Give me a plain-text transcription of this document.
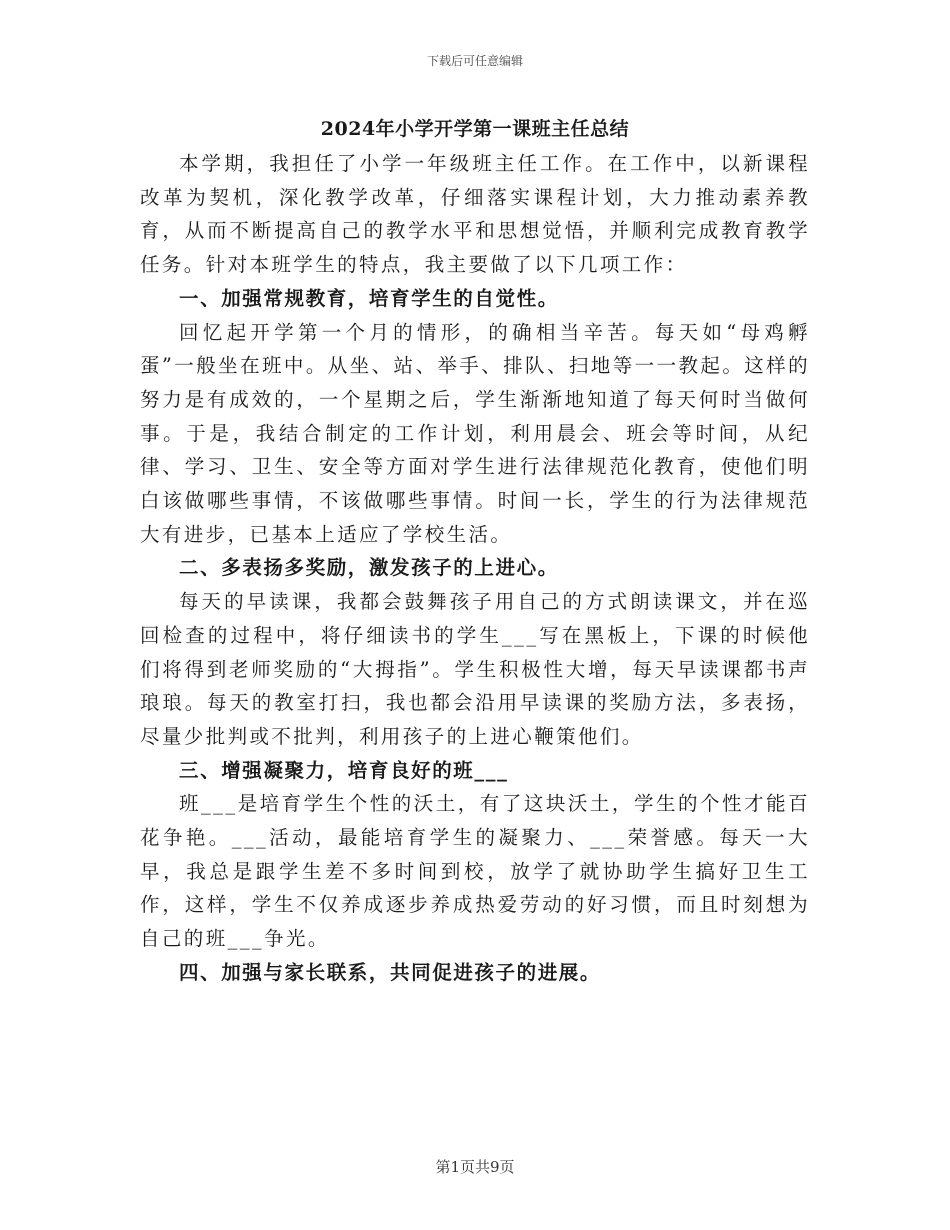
下载后可任意编辑
2024年小学开学第一课班主任总结

本学期，我担任了小学一年级班主任工作。在工作中，以新课程改革为契机，深化教学改革，仔细落实课程计划，大力推动素养教育，从而不断提高自己的教学水平和思想觉悟，并顺利完成教育教学任务。针对本班学生的特点，我主要做了以下几项工作：

一、加强常规教育，培育学生的自觉性。

回忆起开学第一个月的情形，的确相当辛苦。每天如“母鸡孵蛋”一般坐在班中。从坐、站、举手、排队、扫地等一一教起。这样的努力是有成效的，一个星期之后，学生渐渐地知道了每天何时当做何事。于是，我结合制定的工作计划，利用晨会、班会等时间，从纪律、学习、卫生、安全等方面对学生进行法律规范化教育，使他们明白该做哪些事情，不该做哪些事情。时间一长，学生的行为法律规范大有进步，已基本上适应了学校生活。

二、多表扬多奖励，激发孩子的上进心。

每天的早读课，我都会鼓舞孩子用自己的方式朗读课文，并在巡回检查的过程中，将仔细读书的学生___写在黑板上，下课的时候他们将得到老师奖励的“大拇指”。学生积极性大增，每天早读课都书声琅琅。每天的教室打扫，我也都会沿用早读课的奖励方法，多表扬，尽量少批判或不批判，利用孩子的上进心鞭策他们。

三、增强凝聚力，培育良好的班___

班___是培育学生个性的沃土，有了这块沃土，学生的个性才能百花争艳。___活动，最能培育学生的凝聚力、___荣誉感。每天一大早，我总是跟学生差不多时间到校，放学了就协助学生搞好卫生工作，这样，学生不仅养成逐步养成热爱劳动的好习惯，而且时刻想为自己的班___争光。

四、加强与家长联系，共同促进孩子的进展。

第1页共9页
